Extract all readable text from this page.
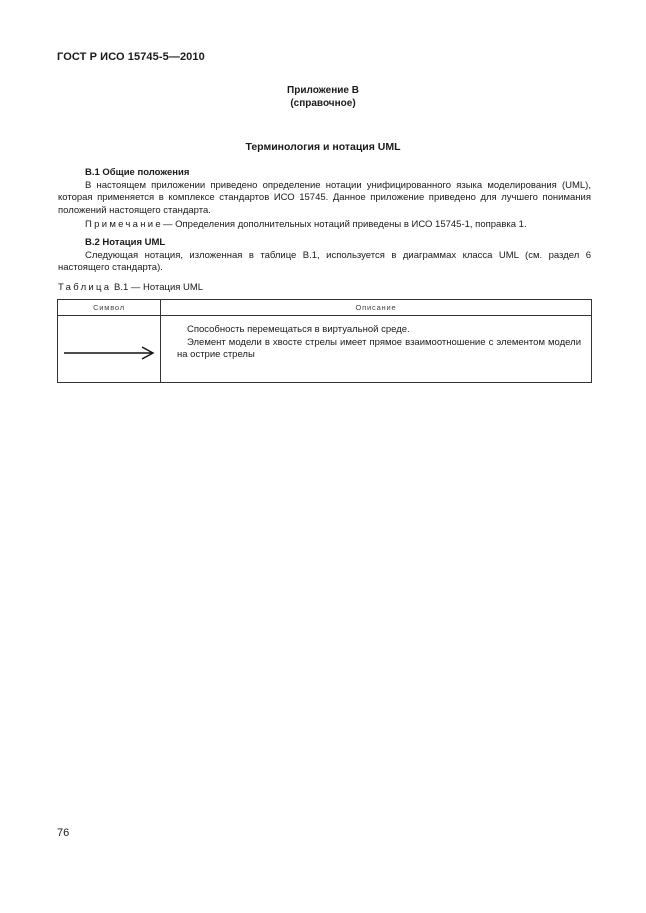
ГОСТ Р ИСО 15745-5—2010
Приложение В
(справочное)
Терминология и нотация UML
В.1 Общие положения

В настоящем приложении приведено определение нотации унифицированного языка моделирования (UML), которая применяется в комплексе стандартов ИСО 15745. Данное приложение приведено для лучшего понимания положений настоящего стандарта.

Примечание— Определения дополнительных нотаций приведены в ИСО 15745-1, поправка 1.

В.2 Нотация UML

Следующая нотация, изложенная в таблице В.1, используется в диаграммах класса UML (см. раздел 6 настоящего стандарта).

Таблица В.1 — Нотация UML
Символ	Описание

Способность перемещаться в виртуальной среде.

Элемент модели в хвосте стрелы имеет прямое взаимоотношение с элементом модели на острие стрелы

76
